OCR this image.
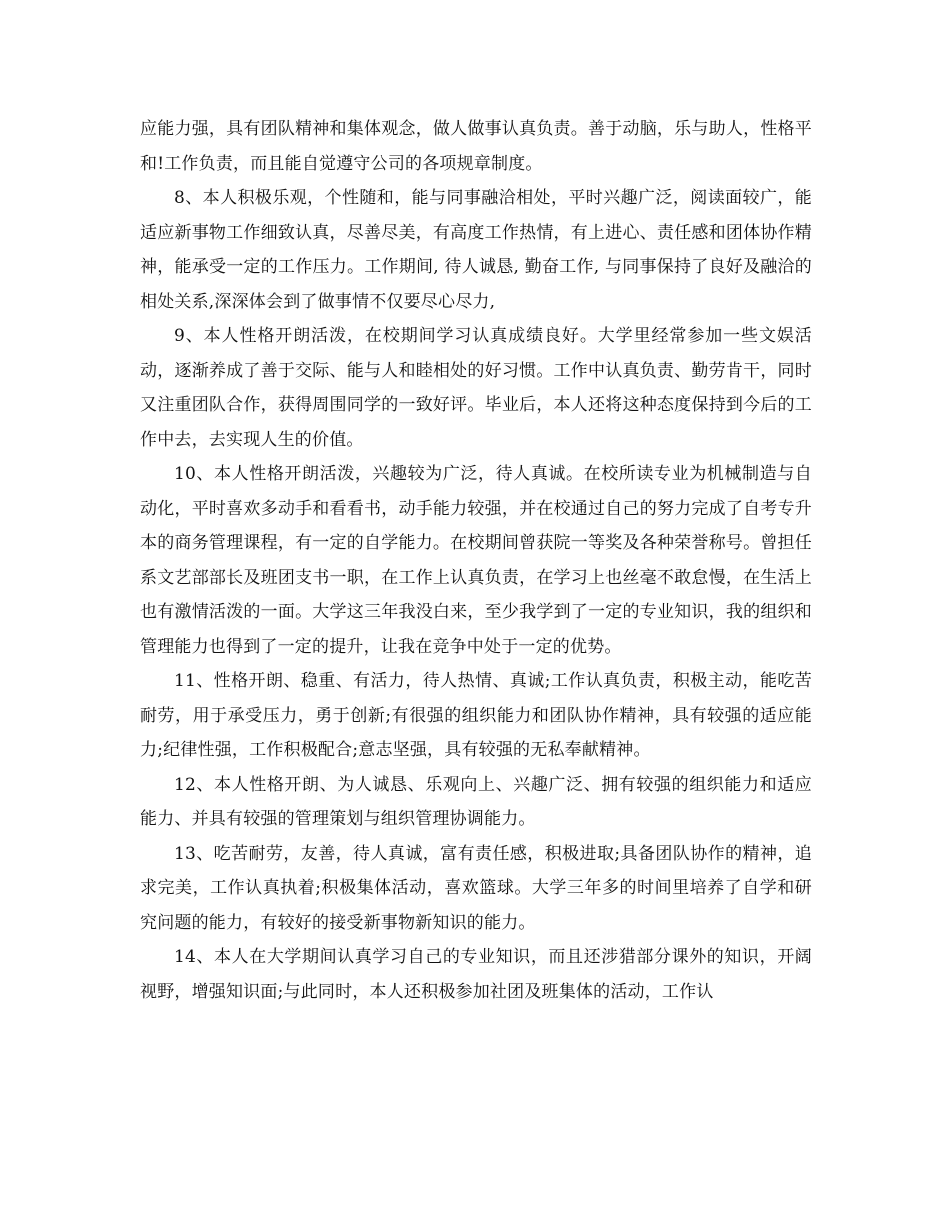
应能力强，具有团队精神和集体观念，做人做事认真负责。善于动脑，乐与助人，性格平和!工作负责，而且能自觉遵守公司的各项规章制度。

8、本人积极乐观，个性随和，能与同事融洽相处，平时兴趣广泛，阅读面较广，能适应新事物工作细致认真，尽善尽美，有高度工作热情，有上进心、责任感和团体协作精神，能承受一定的工作压力。工作期间, 待人诚恳, 勤奋工作, 与同事保持了良好及融洽的相处关系,深深体会到了做事情不仅要尽心尽力,

9、本人性格开朗活泼，在校期间学习认真成绩良好。大学里经常参加一些文娱活动，逐渐养成了善于交际、能与人和睦相处的好习惯。工作中认真负责、勤劳肯干，同时又注重团队合作，获得周围同学的一致好评。毕业后，本人还将这种态度保持到今后的工作中去，去实现人生的价值。

10、本人性格开朗活泼，兴趣较为广泛，待人真诚。在校所读专业为机械制造与自动化，平时喜欢多动手和看看书，动手能力较强，并在校通过自己的努力完成了自考专升本的商务管理课程，有一定的自学能力。在校期间曾获院一等奖及各种荣誉称号。曾担任系文艺部部长及班团支书一职，在工作上认真负责，在学习上也丝毫不敢怠慢，在生活上也有激情活泼的一面。大学这三年我没白来，至少我学到了一定的专业知识，我的组织和管理能力也得到了一定的提升，让我在竞争中处于一定的优势。

11、性格开朗、稳重、有活力，待人热情、真诚;工作认真负责，积极主动，能吃苦耐劳，用于承受压力，勇于创新;有很强的组织能力和团队协作精神，具有较强的适应能力;纪律性强，工作积极配合;意志坚强，具有较强的无私奉献精神。

12、本人性格开朗、为人诚恳、乐观向上、兴趣广泛、拥有较强的组织能力和适应能力、并具有较强的管理策划与组织管理协调能力。

13、吃苦耐劳，友善，待人真诚，富有责任感，积极进取;具备团队协作的精神，追求完美，工作认真执着;积极集体活动，喜欢篮球。大学三年多的时间里培养了自学和研究问题的能力，有较好的接受新事物新知识的能力。

14、本人在大学期间认真学习自己的专业知识，而且还涉猎部分课外的知识，开阔视野，增强知识面;与此同时，本人还积极参加社团及班集体的活动，工作认
